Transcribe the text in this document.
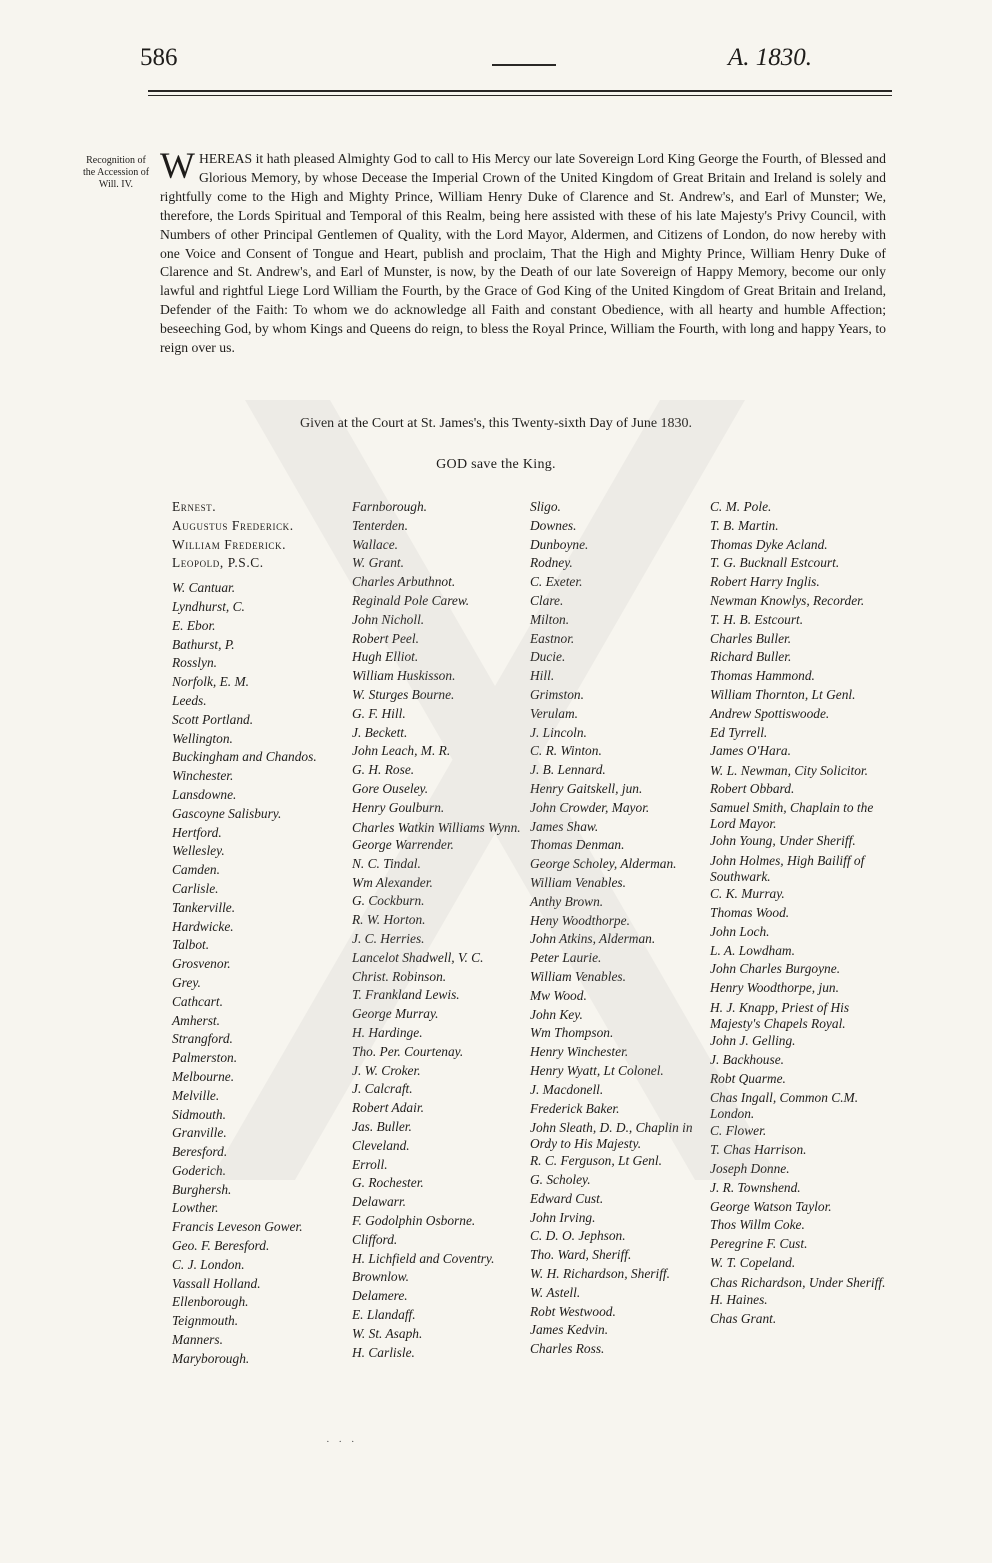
586	A. 1830.
Recognition of the Accession of Will. IV. WHEREAS it hath pleased Almighty God to call to His Mercy our late Sovereign Lord King George the Fourth, of Blessed and Glorious Memory, by whose Decease the Imperial Crown of the United Kingdom of Great Britain and Ireland is solely and rightfully come to the High and Mighty Prince, William Henry Duke of Clarence and St. Andrew's, and Earl of Munster; We, therefore, the Lords Spiritual and Temporal of this Realm, being here assisted with these of his late Majesty's Privy Council, with Numbers of other Principal Gentlemen of Quality, with the Lord Mayor, Aldermen, and Citizens of London, do now hereby with one Voice and Consent of Tongue and Heart, publish and proclaim, That the High and Mighty Prince, William Henry Duke of Clarence and St. Andrew's, and Earl of Munster, is now, by the Death of our late Sovereign of Happy Memory, become our only lawful and rightful Liege Lord William the Fourth, by the Grace of God King of the United Kingdom of Great Britain and Ireland, Defender of the Faith: To whom we do acknowledge all Faith and constant Obedience, with all hearty and humble Affection; beseeching God, by whom Kings and Queens do reign, to bless the Royal Prince, William the Fourth, with long and happy Years, to reign over us.
Given at the Court at St. James's, this Twenty-sixth Day of June 1830.
GOD save the King.
Ernest.
Augustus Frederick.
William Frederick.
Leopold, P.S.C.
W. Cantuar.
Lyndhurst, C.
E. Ebor.
Bathurst, P.
Rosslyn.
Norfolk, E. M.
Leeds.
Scott Portland.
Wellington.
Buckingham and Chandos.
Winchester.
Lansdowne.
Gascoyne Salisbury.
Hertford.
Wellesley.
Camden.
Carlisle.
Tankerville.
Hardwicke.
Talbot.
Grosvenor.
Grey.
Cathcart.
Amherst.
Strangford.
Palmerston.
Melbourne.
Melville.
Sidmouth.
Granville.
Beresford.
Goderich.
Burghersh.
Lowther.
Francis Leveson Gower.
Geo. F. Beresford.
C. J. London.
Vassall Holland.
Ellenborough.
Teignmouth.
Manners.
Maryborough.
Farnborough.
Tenterden.
Wallace.
W. Grant.
Charles Arbuthnot.
Reginald Pole Carew.
John Nicholl.
Robert Peel.
Hugh Elliot.
William Huskisson.
W. Sturges Bourne.
G. F. Hill.
J. Beckett.
John Leach, M. R.
G. H. Rose.
Gore Ouseley.
Henry Goulburn.
Charles Watkin Williams Wynn.
George Warrender.
N. C. Tindal.
Wm Alexander.
G. Cockburn.
R. W. Horton.
J. C. Herries.
Lancelot Shadwell, V. C.
Christ. Robinson.
T. Frankland Lewis.
George Murray.
H. Hardinge.
Tho. Per. Courtenay.
J. W. Croker.
J. Calcraft.
Robert Adair.
Jas. Buller.
Cleveland.
Erroll.
G. Rochester.
Delawarr.
F. Godolphin Osborne.
Clifford.
H. Lichfield and Coventry.
Brownlow.
Delamere.
E. Llandaff.
W. St. Asaph.
H. Carlisle.
Sligo.
Downes.
Dunboyne.
Rodney.
C. Exeter.
Clare.
Milton.
Eastnor.
Ducie.
Hill.
Grimston.
Verulam.
J. Lincoln.
C. R. Winton.
J. B. Lennard.
Henry Gaitskell, jun.
John Crowder, Mayor.
James Shaw.
Thomas Denman.
George Scholey, Alderman.
William Venables.
Anthy Brown.
Heny Woodthorpe.
John Atkins, Alderman.
Peter Laurie.
William Venables.
Mw Wood.
John Key.
Wm Thompson.
Henry Winchester.
Henry Wyatt, Lt Colonel.
J. Macdonell.
Frederick Baker.
John Sleath, D. D., Chaplin in Ordy to His Majesty.
R. C. Ferguson, Lt Genl.
G. Scholey.
Edward Cust.
John Irving.
C. D. O. Jephson.
Tho. Ward, Sheriff.
W. H. Richardson, Sheriff.
W. Astell.
Robt Westwood.
James Kedvin.
Charles Ross.
C. M. Pole.
T. B. Martin.
Thomas Dyke Acland.
T. G. Bucknall Estcourt.
Robert Harry Inglis.
Newman Knowlys, Recorder.
T. H. B. Estcourt.
Charles Buller.
Richard Buller.
Thomas Hammond.
William Thornton, Lt Genl.
Andrew Spottiswoode.
Ed Tyrrell.
James O'Hara.
W. L. Newman, City Solicitor.
Robert Obbard.
Samuel Smith, Chaplain to the Lord Mayor.
John Young, Under Sheriff.
John Holmes, High Bailiff of Southwark.
C. K. Murray.
Thomas Wood.
John Loch.
L. A. Lowdham.
John Charles Burgoyne.
Henry Woodthorpe, jun.
H. J. Knapp, Priest of His Majesty's Chapels Royal.
John J. Gelling.
J. Backhouse.
Robt Quarme.
Chas Ingall, Common C.M. London.
C. Flower.
T. Chas Harrison.
Joseph Donne.
J. R. Townshend.
George Watson Taylor.
Thos Willm Coke.
Peregrine F. Cust.
W. T. Copeland.
Chas Richardson, Under Sheriff.
H. Haines.
Chas Grant.
· · ·
